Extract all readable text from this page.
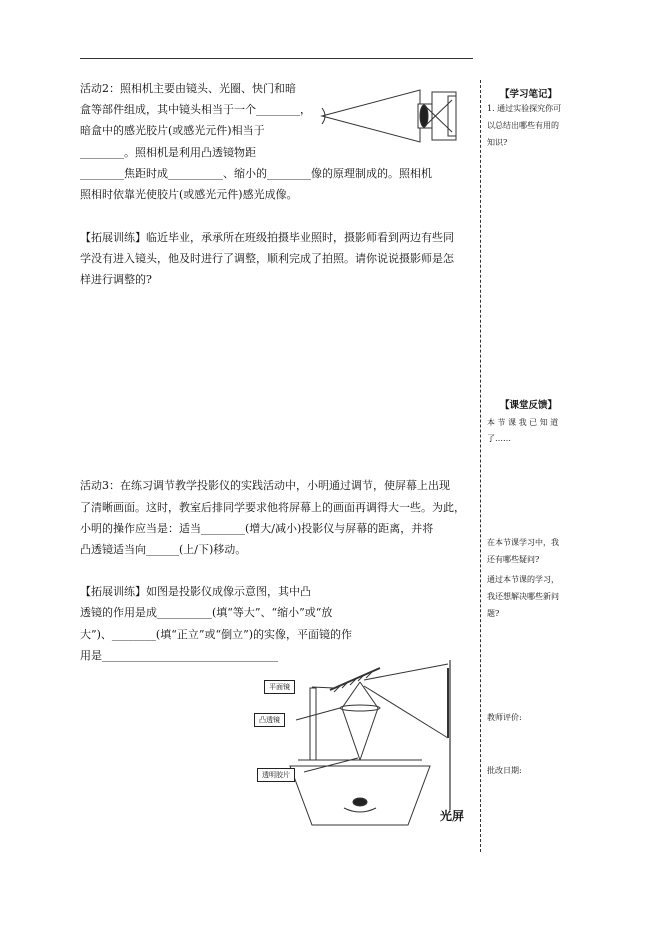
活动2：照相机主要由镜头、光圈、快门和暗
盒等部件组成，其中镜头相当于一个________，
暗盒中的感光胶片(或感光元件)相当于
________。照相机是利用凸透镜物距
________焦距时成__________、缩小的________像的原理制成的。照相机
照相时依靠光使胶片(或感光元件)感光成像。
【拓展训练】临近毕业，承承所在班级拍摄毕业照时，摄影师看到两边有些同
学没有进入镜头，他及时进行了调整，顺利完成了拍照。请你说说摄影师是怎
样进行调整的?
活动3：在练习调节教学投影仪的实践活动中，小明通过调节，使屏幕上出现
了清晰画面。这时，教室后排同学要求他将屏幕上的画面再调得大一些。为此，
小明的操作应当是：适当________(增大/减小)投影仪与屏幕的距离，并将
凸透镜适当向______(上/下)移动。
【拓展训练】如图是投影仪成像示意图，其中凸
透镜的作用是成__________(填“等大”、“缩小”或“放
大”)、________(填“正立”或“倒立”)的实像，平面镜的作
用是________________________________
平面镜
凸透镜
透明胶片
光屏
【学习笔记】
1. 通过实验探究你可
以总结出哪些有用的
知识?
【课堂反馈】
本 节 课 我 已 知 道
了……
在本节课学习中，我
还有哪些疑问?
通过本节课的学习，
我还想解决哪些新问
题?
教师评价:
批改日期:
